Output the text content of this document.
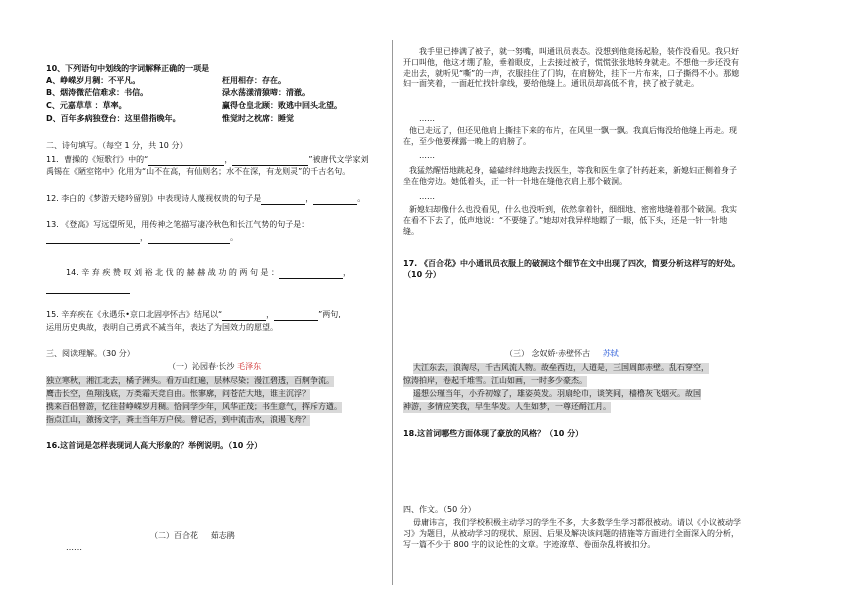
10、下列语句中划线的字词解释正确的一项是
A、峥嵘岁月稠：不平凡。	枉用相存：存在。
B、烟涛微茫信难求：书信。	渌水荡漾清猿啼：清澈。
C、元嘉草草 ：草率。	赢得仓皇北顾：败逃中回头北望。
D、百年多病独登台：这里借指晚年。	惟觉时之枕席：睡觉
二、诗句填写。（每空 1 分，共 10 分）
11．曹操的《短歌行》中的“	，	”被唐代文学家刘
禹锡在《陋室铭中》化用为“山不在高，有仙则名；水不在深，有龙则灵”的千古名句。
12. 李白的《梦游天姥吟留别》中表现诗人蔑视权贵的句子是	，	。
13. 《登高》写远望所见，用传神之笔描写凄冷秋色和长江气势的句子是：
，	。
14. 辛 弃 疾 赞 叹 刘 裕 北 伐 的 赫 赫 战 功 的 两 句 是 ：	，
15. 辛弃疾在《永遇乐•京口北固亭怀古》结尾以“	，	”两句,
运用历史典故，表明自己勇武不减当年，表达了为国效力的愿望。
三、阅读理解。（30 分）
（一）沁园春·长沙 毛泽东
独立寒秋，湘江北去，橘子洲头。看万山红遍，层林尽染；漫江碧透，百舸争流。
鹰击长空，鱼翔浅底，万类霜天竞自由。怅寥廓，问苍茫大地，谁主沉浮？
携来百侣曾游，忆往昔峥嵘岁月稠。恰同学少年，风华正茂；书生意气，挥斥方遒。
指点江山，激扬文字，粪土当年万户侯。曾记否，到中流击水，浪遏飞舟？
16.这首词是怎样表现词人高大形象的？举例说明。（10 分）
（二）百合花 茹志鹃
……

我手里已捧满了被子，就一努嘴，叫通讯员表态。没想到他竟扬起脸，装作没看见。我只好开口叫他，他这才绷了脸，垂着眼皮，上去接过被子，慌慌张张地转身就走。不想他一步还没有走出去，就听见“嘶”的一声，衣服挂住了门钩，在肩膀处，挂下一片布来，口子撕得不小。那媳妇一面笑着，一面赶忙找针拿线，要给他缝上。通讯员却高低不肯，挟了被子就走。

……

他已走远了，但还见他肩上撕挂下来的布片，在风里一飘一飘。我真后悔没给他缝上再走。现在，至少他要裸露一晚上的肩膀了。

……

我猛然醒悟地跳起身，磕磕绊绊地跑去找医生，等我和医生拿了针药赶来，新媳妇正侧着身子坐在他旁边。她低着头，正一针一针地在缝他衣肩上那个破洞。

……

新媳妇却像什么也没看见，什么也没听到，依然拿着针，细细地、密密地缝着那个破洞。我实在看不下去了，低声地说：“不要缝了。”她却对我异样地瞟了一眼，低下头，还是一针一针地缝。

17. 《百合花》中小通讯员衣服上的破洞这个细节在文中出现了四次，简要分析这样写的好处。（10 分）

（三） 念奴娇·赤壁怀古 苏轼
大江东去，浪淘尽，千古风流人物。故垒西边，人道是，三国周郎赤壁。乱石穿空，
惊涛拍岸，卷起千堆雪。江山如画，一时多少豪杰。
遥想公瑾当年，小乔初嫁了，雄姿英发。羽扇纶巾，谈笑间，樯橹灰飞烟灭。故国
神游，多情应笑我，早生华发。人生如梦，一尊还酹江月。
18.这首词哪些方面体现了豪放的风格？（10 分）
四、作文。（50 分）

毋庸讳言，我们学校积极主动学习的学生不多，大多数学生学习都很被动。请以《小议被动学习》为题目，从被动学习的现状、原因、后果及解决该问题的措施等方面进行全面深入的分析，写一篇不少于 800 字的议论性的文章。字迹潦草、卷面杂乱将被扣分。
